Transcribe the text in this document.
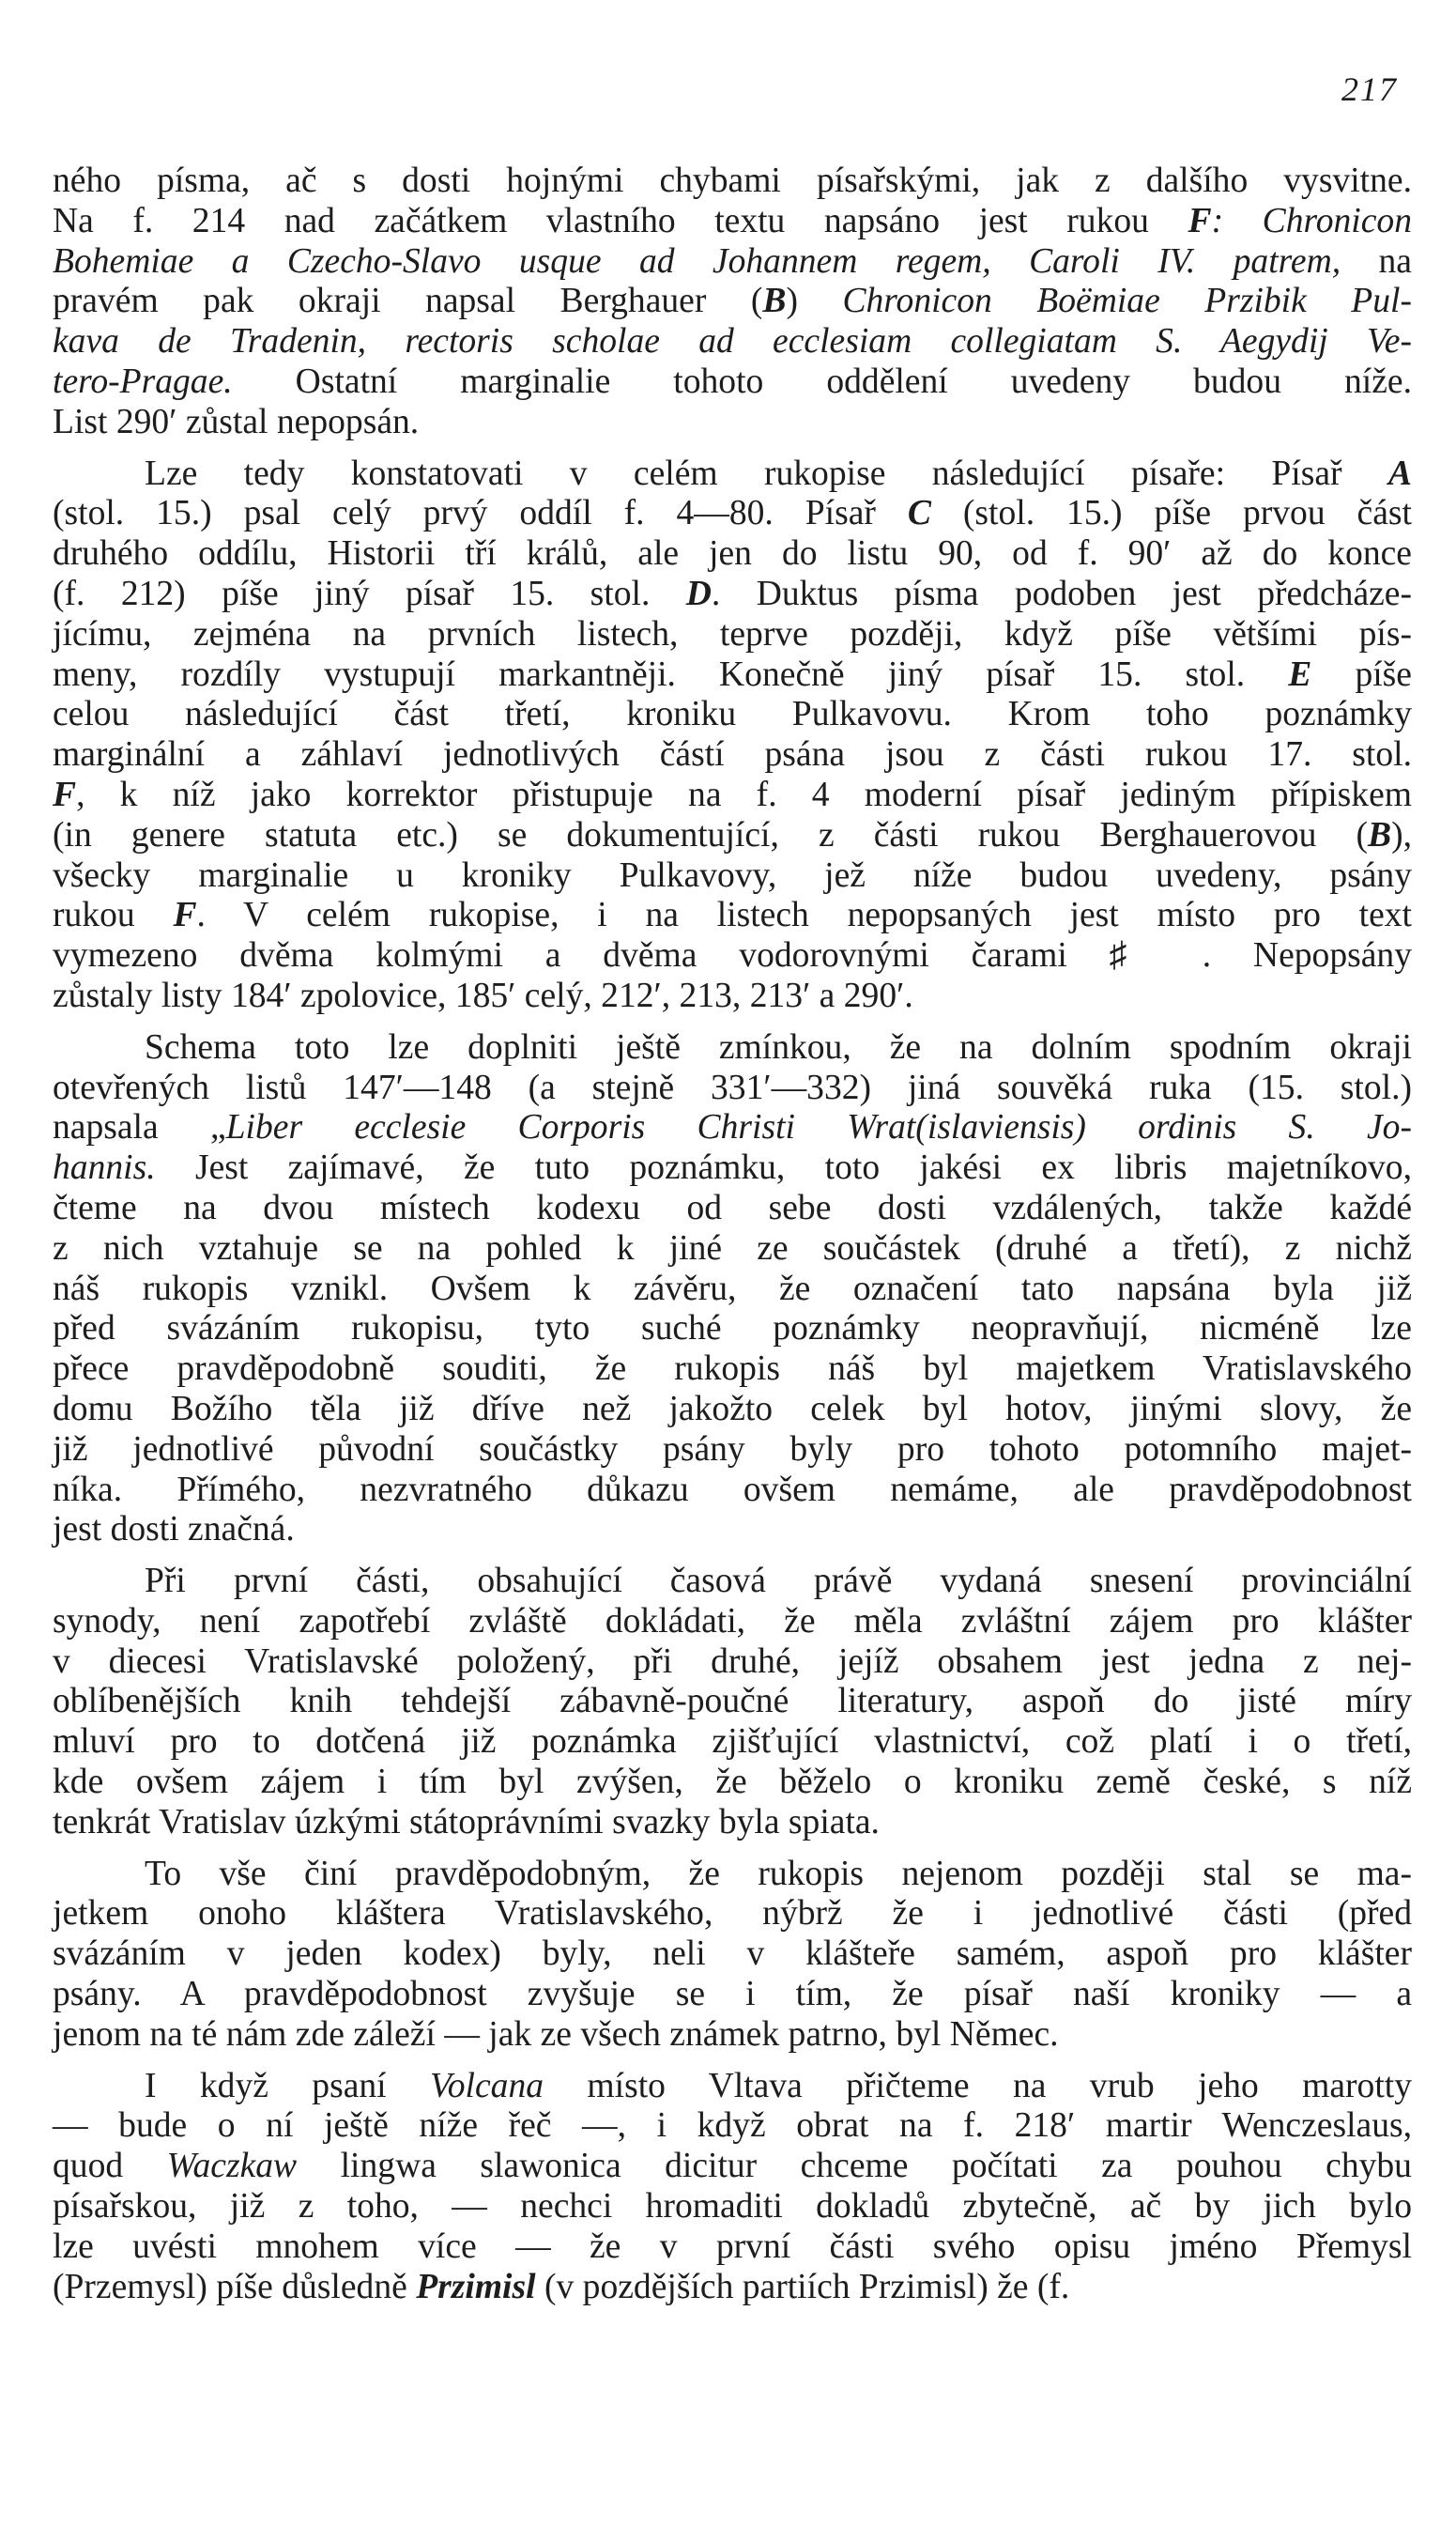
217
ného písma, ač s dosti hojnými chybami písařskými, jak z dalšího vysvitne.
Na f. 214 nad začátkem vlastního textu napsáno jest rukou F: Chronicon
Bohemiae a Czecho-Slavo usque ad Johannem regem, Caroli IV. patrem, na
pravém pak okraji napsal Berghauer (B) Chronicon Boëmiae Przibik Pul-
kava de Tradenin, rectoris scholae ad ecclesiam collegiatam S. Aegydij Ve-
tero-Pragae. Ostatní marginalie tohoto oddělení uvedeny budou níže.
List 290′ zůstal nepopsán.
Lze tedy konstatovati v celém rukopise následující písaře: Písař A
(stol. 15.) psal celý prvý oddíl f. 4—80. Písař C (stol. 15.) píše prvou část
druhého oddílu, Historii tří králů, ale jen do listu 90, od f. 90′ až do konce
(f. 212) píše jiný písař 15. stol. D. Duktus písma podoben jest předcháze-
jícímu, zejména na prvních listech, teprve později, když píše většími pís-
meny, rozdíly vystupují markantněji. Konečně jiný písař 15. stol. E píše
celou následující část třetí, kroniku Pulkavovu. Krom toho poznámky
marginální a záhlaví jednotlivých částí psána jsou z části rukou 17. stol.
F, k níž jako korrektor přistupuje na f. 4 moderní písař jediným přípiskem
(in genere statuta etc.) se dokumentující, z části rukou Berghauerovou (B),
všecky marginalie u kroniky Pulkavovy, jež níže budou uvedeny, psány
rukou F. V celém rukopise, i na listech nepopsaných jest místo pro text
vymezeno dvěma kolmými a dvěma vodorovnými čarami ♯ . Nepopsány
zůstaly listy 184′ zpolovice, 185′ celý, 212′, 213, 213′ a 290′.
Schema toto lze doplniti ještě zmínkou, že na dolním spodním okraji
otevřených listů 147′—148 (a stejně 331′—332) jiná souvěká ruka (15. stol.)
napsala „Liber ecclesie Corporis Christi Wrat(islaviensis) ordinis S. Jo-
hannis. Jest zajímavé, že tuto poznámku, toto jakési ex libris majetníkovo,
čteme na dvou místech kodexu od sebe dosti vzdálených, takže každé
z nich vztahuje se na pohled k jiné ze součástek (druhé a třetí), z nichž
náš rukopis vznikl. Ovšem k závěru, že označení tato napsána byla již
před svázáním rukopisu, tyto suché poznámky neopravňují, nicméně lze
přece pravděpodobně souditi, že rukopis náš byl majetkem Vratislavského
domu Božího těla již dříve než jakožto celek byl hotov, jinými slovy, že
již jednotlivé původní součástky psány byly pro tohoto potomního majet-
níka. Přímého, nezvratného důkazu ovšem nemáme, ale pravděpodobnost
jest dosti značná.
Při první části, obsahující časová právě vydaná snesení provinciální
synody, není zapotřebí zvláště dokládati, že měla zvláštní zájem pro klášter
v diecesi Vratislavské položený, při druhé, jejíž obsahem jest jedna z nej-
oblíbenějších knih tehdejší zábavně-poučné literatury, aspoň do jisté míry
mluví pro to dotčená již poznámka zjišťující vlastnictví, což platí i o třetí,
kde ovšem zájem i tím byl zvýšen, že běželo o kroniku země české, s níž
tenkrát Vratislav úzkými státoprávními svazky byla spiata.
To vše činí pravděpodobným, že rukopis nejenom později stal se ma-
jetkem onoho kláštera Vratislavského, nýbrž že i jednotlivé části (před
svázáním v jeden kodex) byly, neli v klášteře samém, aspoň pro klášter
psány. A pravděpodobnost zvyšuje se i tím, že písař naší kroniky — a
jenom na té nám zde záleží — jak ze všech známek patrno, byl Němec.
I když psaní Volcana místo Vltava přičteme na vrub jeho marotty
— bude o ní ještě níže řeč —, i když obrat na f. 218′ martir Wenczeslaus,
quod Waczkaw lingwa slawonica dicitur chceme počítati za pouhou chybu
písařskou, již z toho, — nechci hromaditi dokladů zbytečně, ač by jich bylo
lze uvésti mnohem více — že v první části svého opisu jméno Přemysl
(Przemysl) píše důsledně Przimisl (v pozdějších partiích Przimisl) že (f.
